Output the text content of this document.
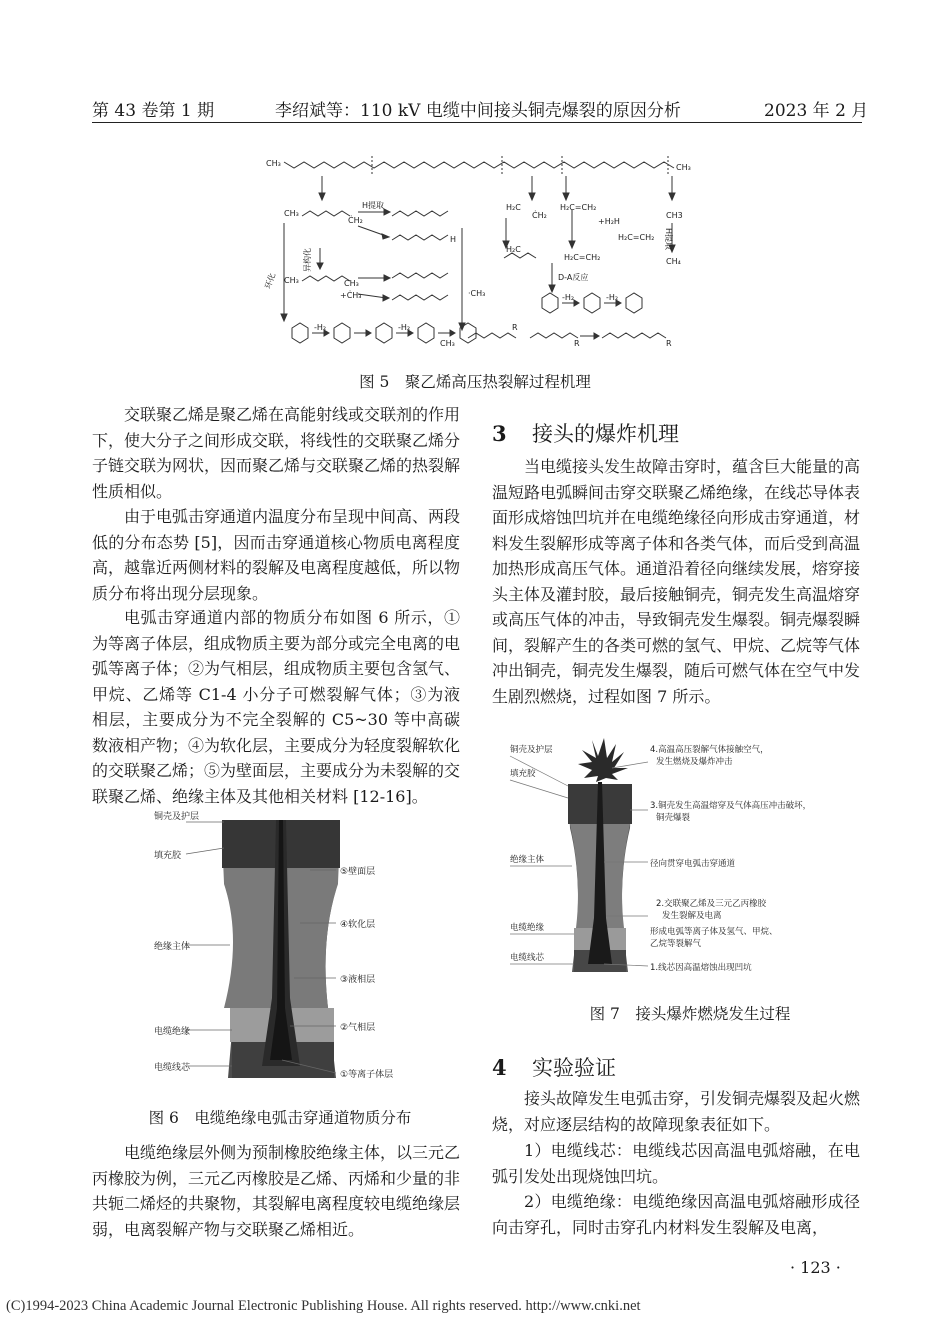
第 43 卷第 1 期	李绍斌等：110 kV 电缆中间接头铜壳爆裂的原因分析	2023 年 2 月
CH₃	CH₃
CH₃
ĊH₂
H提取
H
异构化
环化 CH₃	CH₃
+ĊH₃	·CH₃
-H₂	-H₂
H₂C
ĊH₂
H₂C=CH₂
+H₂H
H₂C=CH₂
H₂C
H₂C=CH₂
D-A反应
-H₂	-H₂
CH3
CH₄
H提取
R
R	R
CH₃
图 5　聚乙烯高压热裂解过程机理

交联聚乙烯是聚乙烯在高能射线或交联剂的作用下，使大分子之间形成交联，将线性的交联聚乙烯分子链交联为网状，因而聚乙烯与交联聚乙烯的热裂解性质相似。

由于电弧击穿通道内温度分布呈现中间高、两段低的分布态势 [5]，因而击穿通道核心物质电离程度高，越靠近两侧材料的裂解及电离程度越低，所以物质分布将出现分层现象。

电弧击穿通道内部的物质分布如图 6 所示，①为等离子体层，组成物质主要为部分或完全电离的电弧等离子体；②为气相层，组成物质主要包含氢气、甲烷、乙烯等 C1-4 小分子可燃裂解气体；③为液相层，主要成分为不完全裂解的 C5~30 等中高碳数液相产物；④为软化层，主要成分为轻度裂解软化的交联聚乙烯；⑤为壁面层，主要成分为未裂解的交联聚乙烯、绝缘主体及其他相关材料 [12-16]。

铜壳及护层
填充胶
绝缘主体
电缆绝缘
电缆线芯
⑤壁面层
④软化层
③液相层
②气相层
①等离子体层
图 6　电缆绝缘电弧击穿通道物质分布

电缆绝缘层外侧为预制橡胶绝缘主体，以三元乙丙橡胶为例，三元乙丙橡胶是乙烯、丙烯和少量的非共轭二烯烃的共聚物，其裂解电离程度较电缆绝缘层弱，电离裂解产物与交联聚乙烯相近。

3 接头的爆炸机理

当电缆接头发生故障击穿时，蕴含巨大能量的高温短路电弧瞬间击穿交联聚乙烯绝缘，在线芯导体表面形成熔蚀凹坑并在电缆绝缘径向形成击穿通道，材料发生裂解形成等离子体和各类气体，而后受到高温加热形成高压气体。通道沿着径向继续发展，熔穿接头主体及灌封胶，最后接触铜壳，铜壳发生高温熔穿或高压气体的冲击，导致铜壳发生爆裂。铜壳爆裂瞬间，裂解产生的各类可燃的氢气、甲烷、乙烷等气体冲出铜壳，铜壳发生爆裂，随后可燃气体在空气中发生剧烈燃烧，过程如图 7 所示。

铜壳及护层
填充胶
绝缘主体
电缆绝缘
电缆线芯
4.高温高压裂解气体接触空气，
发生燃烧及爆炸冲击
3.铜壳发生高温熔穿及气体高压冲击破坏，
铜壳爆裂
径向贯穿电弧击穿通道
2.交联聚乙烯及三元乙丙橡胶
发生裂解及电离
形成电弧等离子体及氢气、甲烷、
乙烷等裂解气
1.线芯因高温熔蚀出现凹坑
图 7　接头爆炸燃烧发生过程
4 实验验证

接头故障发生电弧击穿，引发铜壳爆裂及起火燃烧，对应逐层结构的故障现象表征如下。

1）电缆线芯：电缆线芯因高温电弧熔融，在电弧引发处出现烧蚀凹坑。

2）电缆绝缘：电缆绝缘因高温电弧熔融形成径向击穿孔，同时击穿孔内材料发生裂解及电离，

· 123 ·
(C)1994-2023 China Academic Journal Electronic Publishing House. All rights reserved. http://www.cnki.net
